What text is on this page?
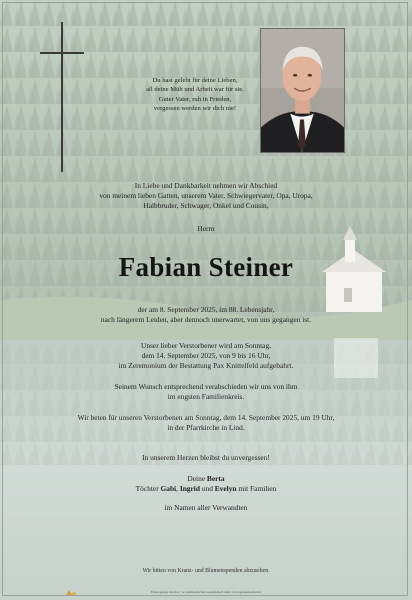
Du hast gelebt für deine Lieben,
all deine Müh und Arbeit war für sie.
Guter Vater, ruh in Frieden,
vergessen werden wir dich nie!
In Liebe und Dankbarkeit nehmen wir Abschied
von meinem lieben Gatten, unserem Vater, Schwiegervater, Opa, Uropa,
Halbbruder, Schwager, Onkel und Cousin,
Herrn
Fabian Steiner
der am 8. September 2025, im 88. Lebensjahr,
nach längerem Leiden, aber dennoch unerwartet, von uns gegangen ist.
Unser lieber Verstorbener wird am Sonntag,
dem 14. September 2025, von 9 bis 16 Uhr,
im Zeremonium der Bestattung Pax Knittelfeld aufgebahrt.
Seinem Wunsch entsprechend verabschieden wir uns von ihm
im engsten Familienkreis.
Wir beten für unseren Verstorbenen am Sonntag, dem 14. September 2025, um 19 Uhr,
in der Pfarrkirche in Lind.
In unserem Herzen bleibst du unvergessen!
Deine Berta
Töchter Gabi, Ingrid und Evelyn mit Familien
im Namen aller Verwandten
Wir bitten von Kranz- und Blumenspenden abzusehen.
Entsorgungs-Service · so elektronisches Gedenkbuch unter www.gedenkseiten.at
